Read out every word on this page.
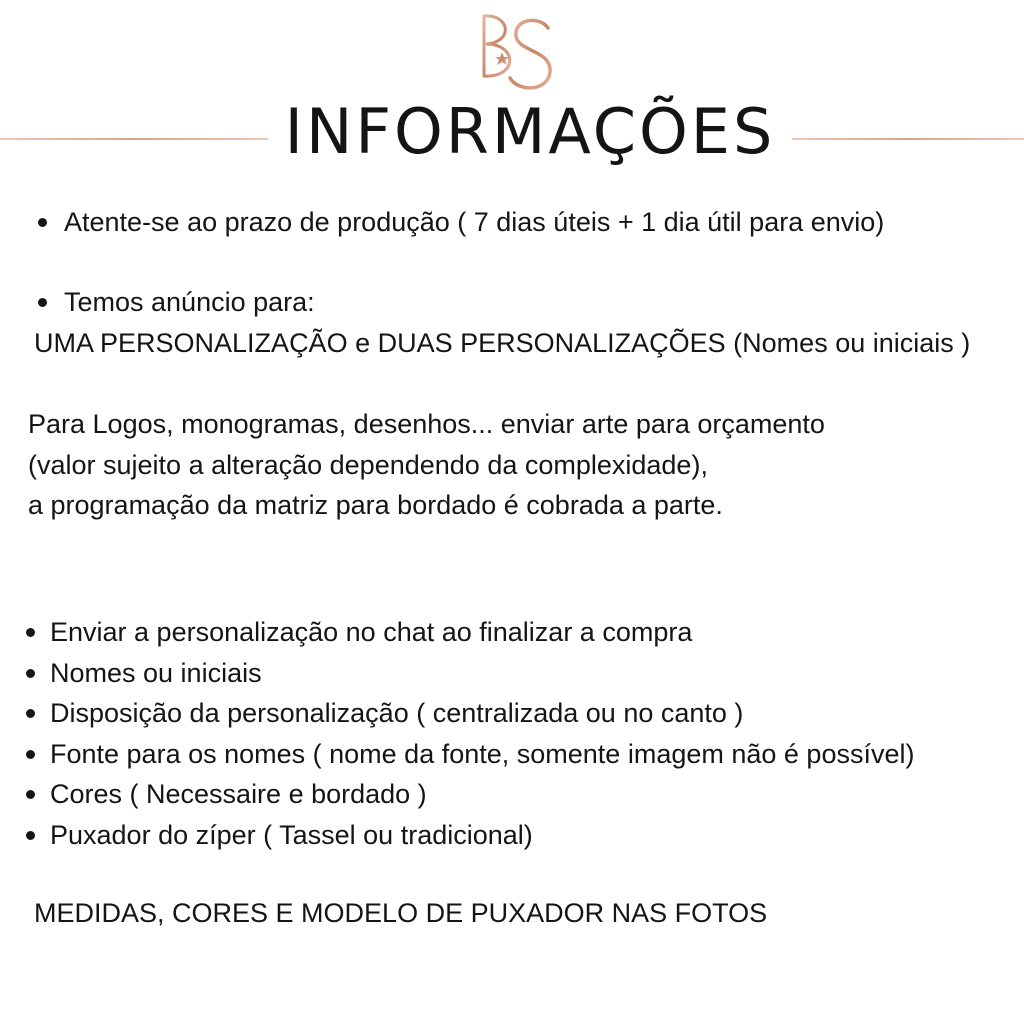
INFORMAÇÕES
Atente-se ao prazo de produção ( 7 dias úteis + 1 dia útil para envio)
Temos anúncio para:
UMA PERSONALIZAÇÃO e DUAS PERSONALIZAÇÕES (Nomes ou iniciais )
Para Logos, monogramas, desenhos... enviar arte para orçamento
(valor sujeito a alteração dependendo da complexidade),
a programação da matriz para bordado é cobrada a parte.
Enviar a personalização no chat ao finalizar a compra
Nomes ou iniciais
Disposição da personalização ( centralizada ou no canto )
Fonte para os nomes ( nome da fonte, somente imagem não é possível)
Cores ( Necessaire e bordado )
Puxador do zíper ( Tassel ou tradicional)
MEDIDAS, CORES E MODELO DE PUXADOR NAS FOTOS
